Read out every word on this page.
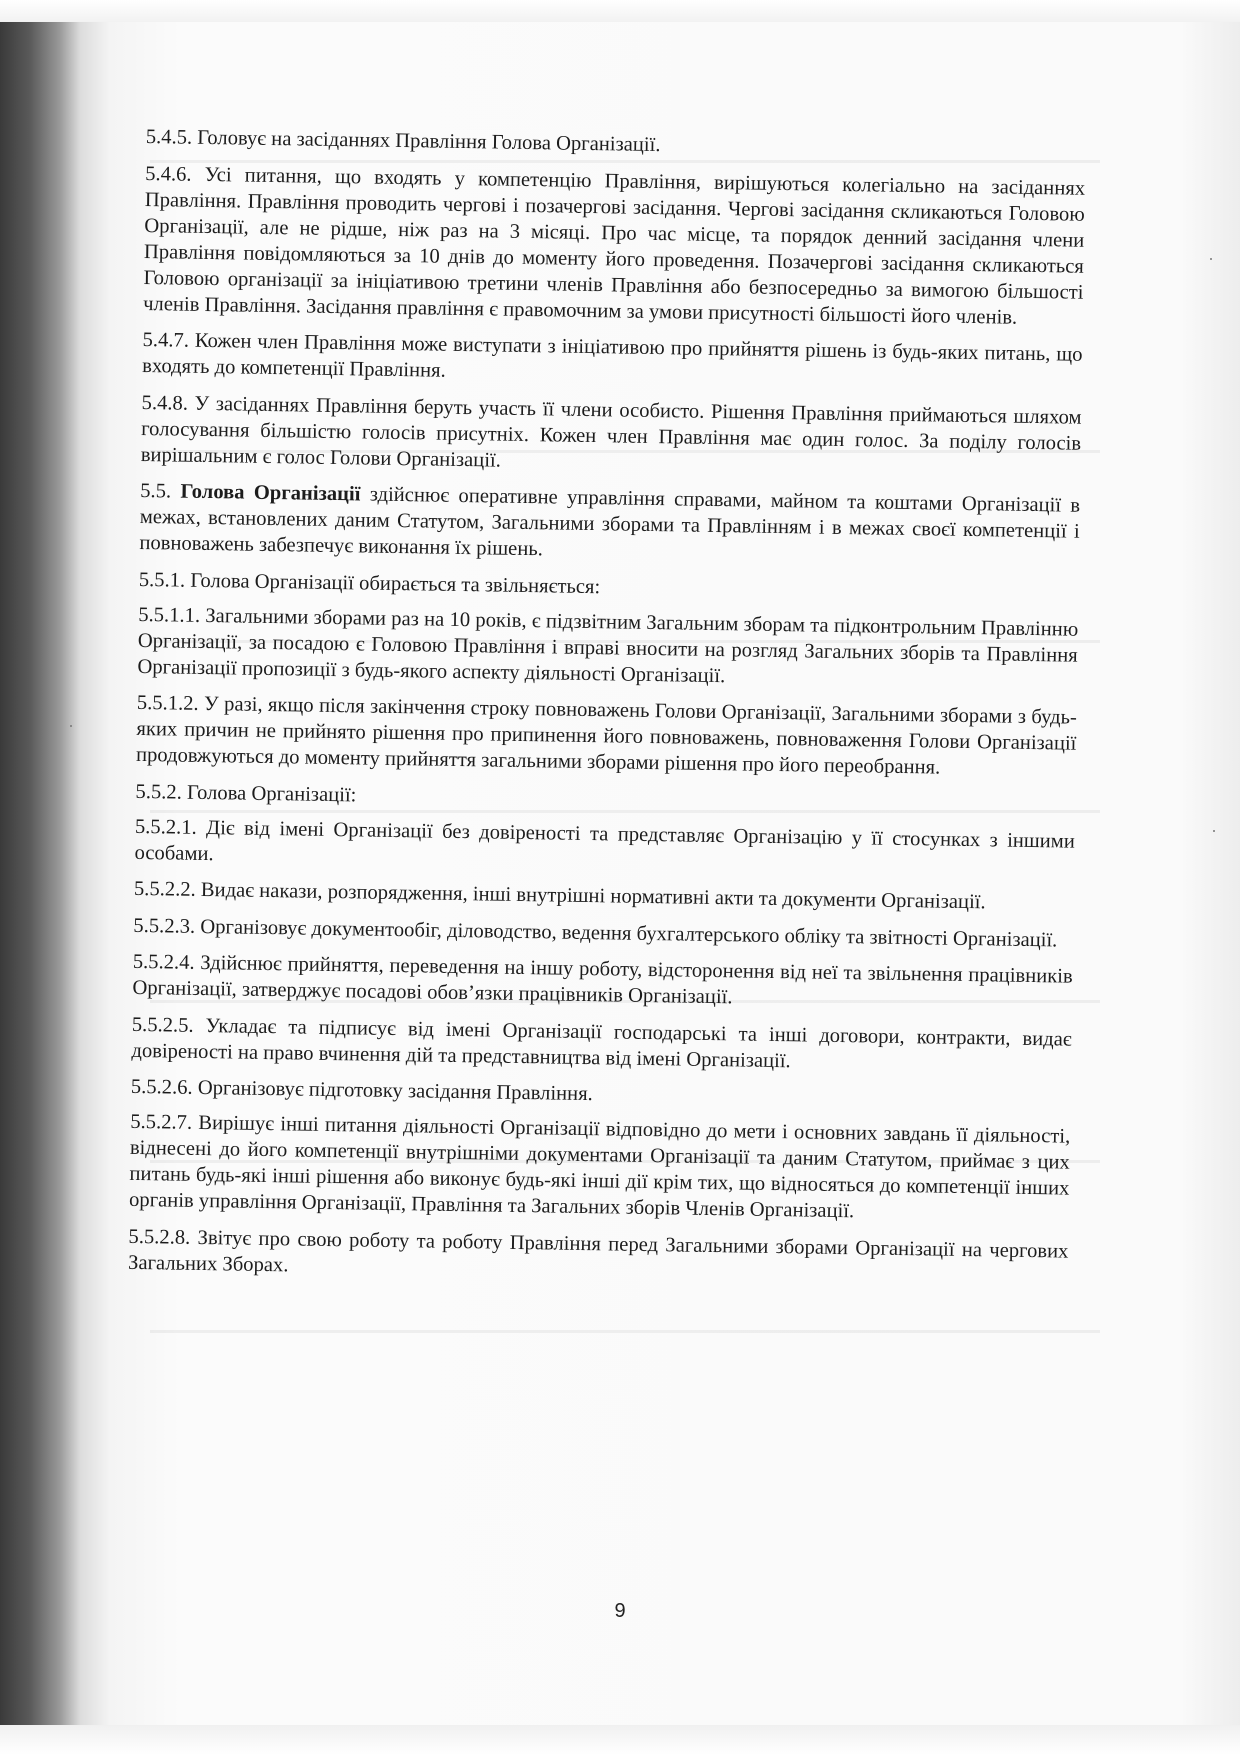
5.4.5. Головує на засіданнях Правління Голова Організації.

5.4.6. Усі питання, що входять у компетенцію Правління, вирішуються колегіально на засіданнях Правління. Правління проводить чергові і позачергові засідання. Чергові засідання скликаються Головою Організації, але не рідше, ніж раз на 3 місяці. Про час місце, та порядок денний засідання члени Правління повідомляються за 10 днів до моменту його проведення. Позачергові засідання скликаються Головою організації за ініціативою третини членів Правління або безпосередньо за вимогою більшості членів Правління. Засідання правління є правомочним за умови присутності більшості його членів.

5.4.7. Кожен член Правління може виступати з ініціативою про прийняття рішень із будь-яких питань, що входять до компетенції Правління.

5.4.8. У засіданнях Правління беруть участь її члени особисто. Рішення Правління приймаються шляхом голосування більшістю голосів присутніх. Кожен член Правління має один голос. За поділу голосів вирішальним є голос Голови Організації.

5.5. Голова Організації здійснює оперативне управління справами, майном та коштами Організації в межах, встановлених даним Статутом, Загальними зборами та Правлінням і в межах своєї компетенції і повноважень забезпечує виконання їх рішень.

5.5.1. Голова Організації обирається та звільняється:

5.5.1.1. Загальними зборами раз на 10 років, є підзвітним Загальним зборам та підконтрольним Правлінню Організації, за посадою є Головою Правління і вправі вносити на розгляд Загальних зборів та Правління Організації пропозиції з будь-якого аспекту діяльності Організації.

5.5.1.2. У разі, якщо після закінчення строку повноважень Голови Організації, Загальними зборами з будь-яких причин не прийнято рішення про припинення його повноважень, повноваження Голови Організації продовжуються до моменту прийняття загальними зборами рішення про його переобрання.

5.5.2. Голова Організації:

5.5.2.1. Діє від імені Організації без довіреності та представляє Організацію у її стосунках з іншими особами.

5.5.2.2. Видає накази, розпорядження, інші внутрішні нормативні акти та документи Організації.

5.5.2.3. Організовує документообіг, діловодство, ведення бухгалтерського обліку та звітності Організації.

5.5.2.4. Здійснює прийняття, переведення на іншу роботу, відсторонення від неї та звільнення працівників Організації, затверджує посадові обов’язки працівників Організації.

5.5.2.5. Укладає та підписує від імені Організації господарські та інші договори, контракти, видає довіреності на право вчинення дій та представництва від імені Організації.

5.5.2.6. Організовує підготовку засідання Правління.

5.5.2.7. Вирішує інші питання діяльності Організації відповідно до мети і основних завдань її діяльності, віднесені до його компетенції внутрішніми документами Організації та даним Статутом, приймає з цих питань будь-які інші рішення або виконує будь-які інші дії крім тих, що відносяться до компетенції інших органів управління Організації, Правління та Загальних зборів Членів Організації.

5.5.2.8. Звітує про свою роботу та роботу Правління перед Загальними зборами Організації на чергових Загальних Зборах.

9
